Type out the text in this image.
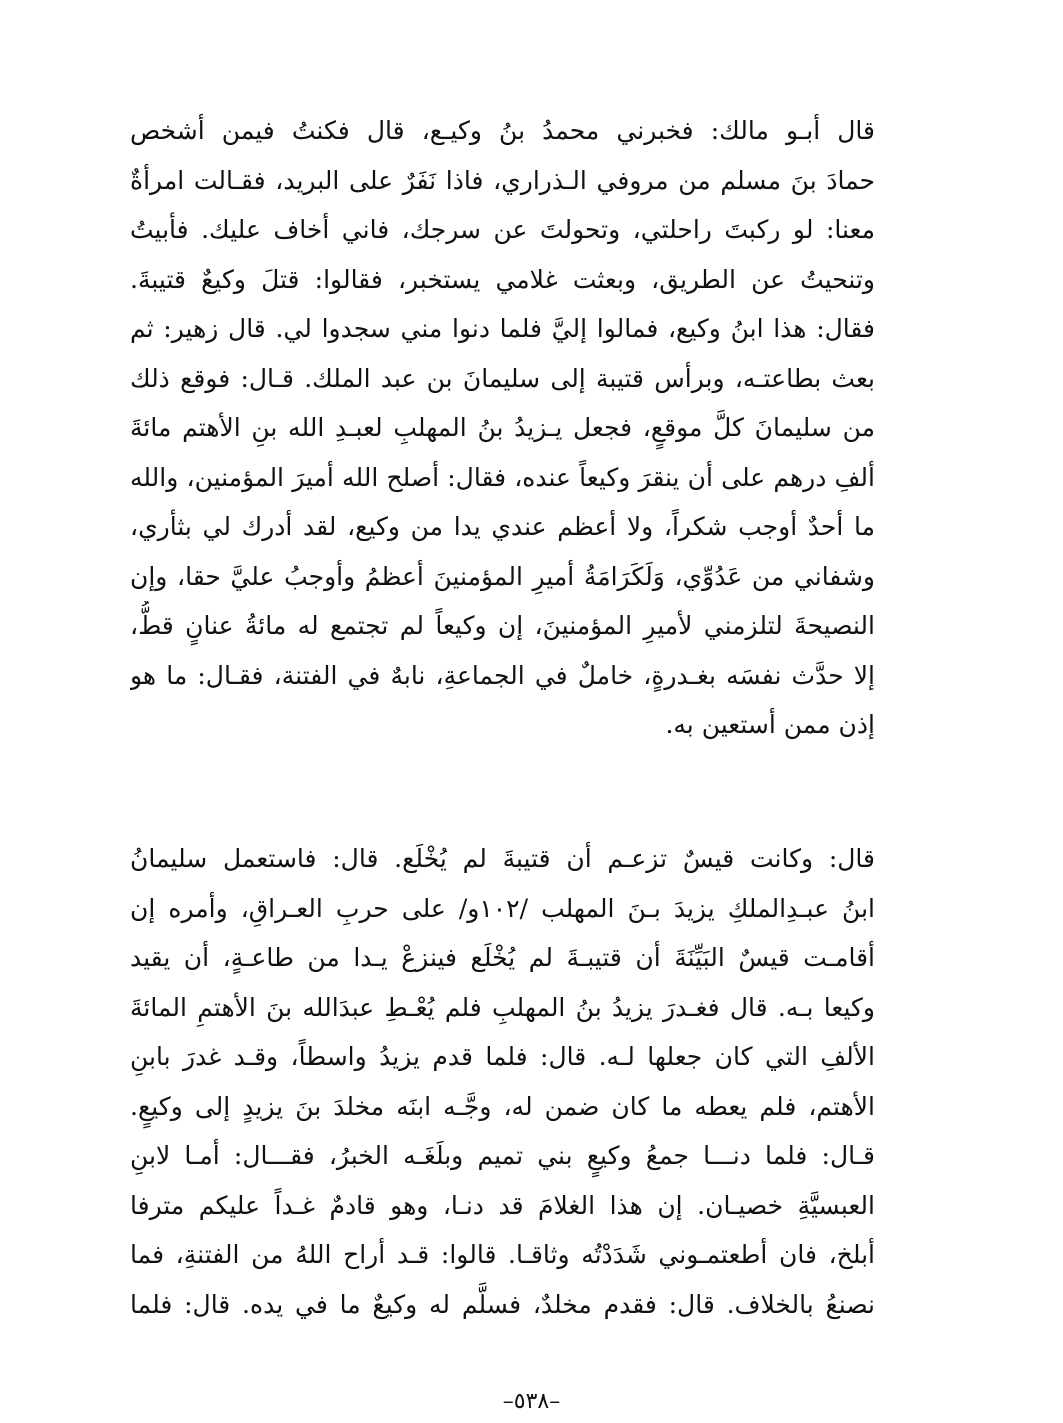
قال أبـو مالك: فخبرني محمدُ بنُ وكيـع، قال فكنتُ فيمن أشخص
حمادَ بنَ مسلم من مروفي الـذراري، فاذا نَفَرٌ على البريد، فقـالت امرأةٌ
معنا: لو ركبتَ راحلتي، وتحولتَ عن سرجك، فاني أخاف عليك. فأبيتُ
وتنحيتُ عن الطريق، وبعثت غلامي يستخبر، فقالوا: قتلَ وكيعٌ قتيبةَ.
فقال: هذا ابنُ وكيع، فمالوا إليَّ فلما دنوا مني سجدوا لي. قال زهير: ثم
بعث بطاعتـه، وبرأس قتيبة إلى سليمانَ بن عبد الملك. قـال: فوقع ذلك
من سليمانَ كلَّ موقعٍ، فجعل يـزيدُ بنُ المهلبِ لعبـدِ الله بنِ الأهتم مائةَ
ألفِ درهم على أن ينقرَ وكيعاً عنده، فقال: أصلح الله أميرَ المؤمنين، والله
ما أحدٌ أوجب شكراً، ولا أعظم عندي يدا من وكيع، لقد أدرك لي بثأري،
وشفاني من عَدُوِّي، وَلَكَرَامَةُ أميرِ المؤمنينَ أعظمُ وأوجبُ عليَّ حقا، وإن
النصيحةَ لتلزمني لأميرِ المؤمنينَ، إن وكيعاً لم تجتمع له مائةُ عنانٍ قطُّ،
إلا حدَّث نفسَه بغـدرةٍ، خاملٌ في الجماعةِ، نابهٌ في الفتنة، فقـال: ما هو
إذن ممن أستعين به.
قال: وكانت قيسٌ تزعـم أن قتيبةَ لم يُخْلَع. قال: فاستعمل سليمانُ
ابنُ عبـدِالملكِ يزيدَ بـنَ المهلب /١٠٢و/ على حربِ العـراقِ، وأمره إن
أقامـت قيسٌ البَيِّنَةَ أن قتيبـةَ لم يُخْلَع فينزعْ يـدا من طاعـةٍ، أن يقيد
وكيعا بـه. قال فغـدرَ يزيدُ بنُ المهلبِ فلم يُعْـطِ عبدَالله بنَ الأهتمِ المائةَ
الألفِ التي كان جعلها لـه. قال: فلما قدم يزيدُ واسطاً، وقـد غدرَ بابنِ
الأهتم، فلم يعطه ما كان ضمن له، وجَّـه ابنَه مخلدَ بنَ يزيدٍ إلى وكيعٍ.
قـال: فلما دنـــا جمعُ وكيعٍ بني تميم وبلَغَـه الخبرُ، فقـــال: أمـا لابنِ
العبسيَّةِ خصيـان. إن هذا الغلامَ قد دنـا، وهو قادمٌ غـداً عليكم مترفا
أبلخ، فان أطعتمـوني شَدَدْتُه وثاقـا. قالوا: قـد أراح اللهُ من الفتنةِ، فما
نصنعُ بالخلاف. قال: فقدم مخلدٌ، فسلَّم له وكيعٌ ما في يده. قال: فلما
–٥٣٨–
